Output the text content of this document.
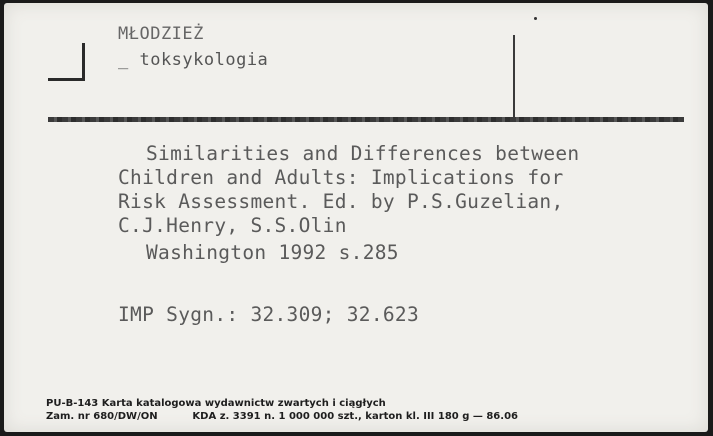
MŁODZIEŻ
_ toksykologia
Similarities and Differences between
Children and Adults: Implications for
Risk Assessment. Ed. by P.S.Guzelian,
C.J.Henry, S.S.Olin
Washington 1992 s.285
IMP Sygn.: 32.309; 32.623
PU-B-143 Karta katalogowa wydawnictw zwartych i ciągłych
Zam. nr 680/DW/ON          KDA z. 3391 n. 1 000 000 szt., karton kl. III 180 g — 86.06
